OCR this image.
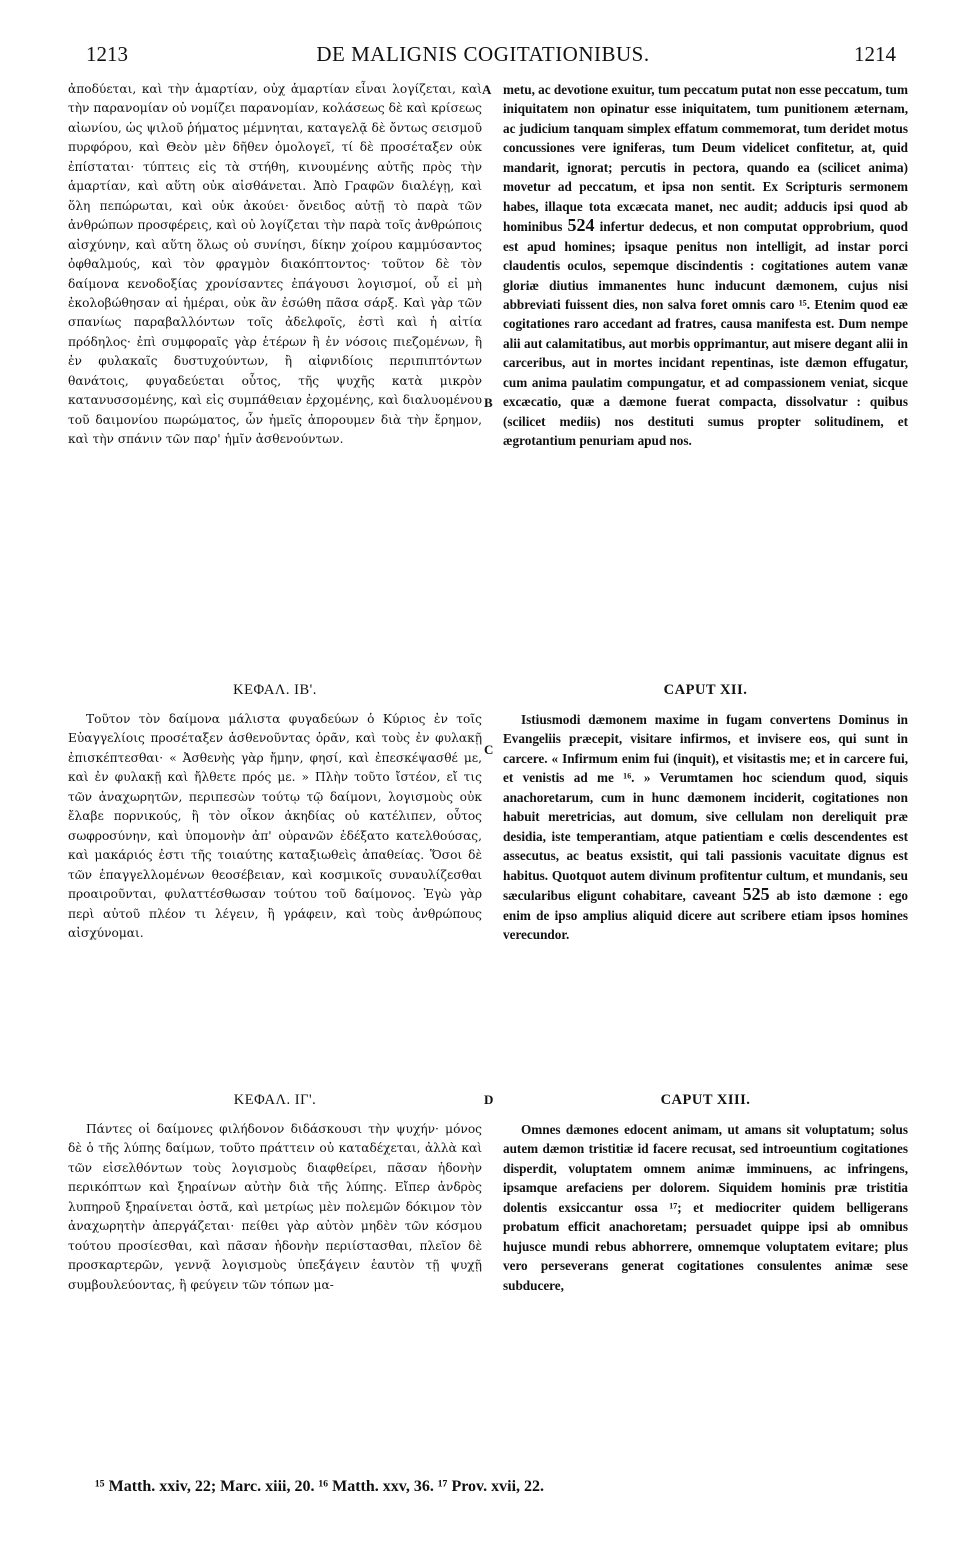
1213	DE MALIGNIS COGITATIONIBUS.	1214
A
B
C
D

ἀποδύεται, καὶ τὴν ἁμαρτίαν, οὐχ ἁμαρτίαν εἶναι λογίζεται, καὶ τὴν παρανομίαν οὐ νομίζει παρανομίαν, κολάσεως δὲ καὶ κρίσεως αἰωνίου, ὡς ψιλοῦ ῥήματος μέμνηται, καταγελᾷ δὲ ὄντως σεισμοῦ πυρφόρου, καὶ Θεὸν μὲν δῆθεν ὁμολογεῖ, τί δὲ προσέταξεν οὐκ ἐπίσταται· τύπτεις εἰς τὰ στήθη, κινουμένης αὐτῆς πρὸς τὴν ἁμαρτίαν, καὶ αὕτη οὐκ αἰσθάνεται. Ἀπὸ Γραφῶν διαλέγῃ, καὶ ὅλη πεπώρωται, καὶ οὐκ ἀκούει· ὄνειδος αὐτῇ τὸ παρὰ τῶν ἀνθρώπων προσφέρεις, καὶ οὐ λογίζεται τὴν παρὰ τοῖς ἀνθρώποις αἰσχύνην, καὶ αὕτη ὅλως οὐ συνίησι, δίκην χοίρου καμμύσαντος ὀφθαλμούς, καὶ τὸν φραγμὸν διακόπτοντος· τοῦτον δὲ τὸν δαίμονα κενοδοξίας χρονίσαντες ἐπάγουσι λογισμοί, οὗ εἰ μὴ ἐκολοβώθησαν αἱ ἡμέραι, οὐκ ἂν ἐσώθη πᾶσα σάρξ. Καὶ γὰρ τῶν σπανίως παραβαλλόντων τοῖς ἀδελφοῖς, ἐστὶ καὶ ἡ αἰτία πρόδηλος· ἐπὶ συμφοραῖς γὰρ ἑτέρων ἢ ἐν νόσοις πιεζομένων, ἢ ἐν φυλακαῖς δυστυχούντων, ἢ αἰφνιδίοις περιπιπτόντων θανάτοις, φυγαδεύεται οὗτος, τῆς ψυχῆς κατὰ μικρὸν κατανυσσομένης, καὶ εἰς συμπάθειαν ἐρχομένης, καὶ διαλυομένου τοῦ δαιμονίου πωρώματος, ὧν ἡμεῖς ἀπορουμεν διὰ τὴν ἔρημον, καὶ τὴν σπάνιν τῶν παρ' ἡμῖν ἀσθενούντων.

metu, ac devotione exuitur, tum peccatum putat non esse peccatum, tum iniquitatem non opinatur esse iniquitatem, tum punitionem æternam, ac judicium tanquam simplex effatum commemorat, tum deridet motus concussiones vere igniferas, tum Deum videlicet confitetur, at, quid mandarit, ignorat; percutis in pectora, quando ea (scilicet anima) movetur ad peccatum, et ipsa non sentit. Ex Scripturis sermonem habes, illaque tota excæcata manet, nec audit; adducis ipsi quod ab hominibus 524 infertur dedecus, et non computat opprobrium, quod est apud homines; ipsaque penitus non intelligit, ad instar porci claudentis oculos, sepemque discindentis : cogitationes autem vanæ gloriæ diutius immanentes hunc inducunt dæmonem, cujus nisi abbreviati fuissent dies, non salva foret omnis caro ¹⁵. Etenim quod eæ cogitationes raro accedant ad fratres, causa manifesta est. Dum nempe alii aut calamitatibus, aut morbis opprimantur, aut misere degant alii in carceribus, aut in mortes incidant repentinas, iste dæmon effugatur, cum anima paulatim compungatur, et ad compassionem veniat, sicque excæcatio, quæ a dæmone fuerat compacta, dissolvatur : quibus (scilicet mediis) nos destituti sumus propter solitudinem, et ægrotantium penuriam apud nos.

ΚΕΦΑΛ. ΙΒ'.	CAPUT XII.

Τοῦτον τὸν δαίμονα μάλιστα φυγαδεύων ὁ Κύριος ἐν τοῖς Εὐαγγελίοις προσέταξεν ἀσθενοῦντας ὁρᾶν, καὶ τοὺς ἐν φυλακῇ ἐπισκέπτεσθαι· « Ἀσθενὴς γὰρ ἤμην, φησί, καὶ ἐπεσκέψασθέ με, καὶ ἐν φυλακῇ καὶ ἤλθετε πρός με. » Πλὴν τοῦτο ἴστέον, εἴ τις τῶν ἀναχωρητῶν, περιπεσὼν τούτῳ τῷ δαίμονι, λογισμοὺς οὐκ ἔλαβε πορνικούς, ἢ τὸν οἶκον ἀκηδίας οὐ κατέλιπεν, οὗτος σωφροσύνην, καὶ ὑπομονὴν ἀπ' οὐρανῶν ἐδέξατο κατελθούσας, καὶ μακάριός ἐστι τῆς τοιαύτης καταξιωθεὶς ἀπαθείας. Ὅσοι δὲ τῶν ἐπαγγελλομένων θεοσέβειαν, καὶ κοσμικοῖς συναυλίζεσθαι προαιροῦνται, φυλαττέσθωσαν τούτου τοῦ δαίμονος. Ἐγὼ γὰρ περὶ αὐτοῦ πλέον τι λέγειν, ἢ γράφειν, καὶ τοὺς ἀνθρώπους αἰσχύνομαι.

Istiusmodi dæmonem maxime in fugam convertens Dominus in Evangeliis præcepit, visitare infirmos, et invisere eos, qui sunt in carcere. « Infirmum enim fui (inquit), et visitastis me; et in carcere fui, et venistis ad me ¹⁶. » Verumtamen hoc sciendum quod, siquis anachoretarum, cum in hunc dæmonem inciderit, cogitationes non habuit meretricias, aut domum, sive cellulam non dereliquit præ desidia, iste temperantiam, atque patientiam e cœlis descendentes est assecutus, ac beatus exsistit, qui tali passionis vacuitate dignus est habitus. Quotquot autem divinum profitentur cultum, et mundanis, seu sæcularibus eligunt cohabitare, caveant 525 ab isto dæmone : ego enim de ipso amplius aliquid dicere aut scribere etiam ipsos homines verecundor.

ΚΕΦΑΛ. ΙΓ'.	CAPUT XIII.

Πάντες οἱ δαίμονες φιλήδονον διδάσκουσι τὴν ψυχήν· μόνος δὲ ὁ τῆς λύπης δαίμων, τοῦτο πράττειν οὐ καταδέχεται, ἀλλὰ καὶ τῶν εἰσελθόντων τοὺς λογισμοὺς διαφθείρει, πᾶσαν ἡδονὴν περικόπτων καὶ ξηραίνων αὐτὴν διὰ τῆς λύπης. Εἴπερ ἀνδρὸς λυπηροῦ ξηραίνεται ὀστᾶ, καὶ μετρίως μὲν πολεμῶν δόκιμον τὸν ἀναχωρητὴν ἀπεργάζεται· πείθει γὰρ αὐτὸν μηδὲν τῶν κόσμου τούτου προσίεσθαι, καὶ πᾶσαν ἡδονὴν περιίστασθαι, πλεῖον δὲ προσκαρτερῶν, γεννᾷ λογισμοὺς ὑπεξάγειν ἑαυτὸν τῇ ψυχῇ συμβουλεύοντας, ἢ φεύγειν τῶν τόπων μα-

Omnes dæmones edocent animam, ut amans sit voluptatum; solus autem dæmon tristitiæ id facere recusat, sed introeuntium cogitationes disperdit, voluptatem omnem animæ imminuens, ac infringens, ipsamque arefaciens per dolorem. Siquidem hominis præ tristitia dolentis exsiccantur ossa ¹⁷; et mediocriter quidem belligerans probatum efficit anachoretam; persuadet quippe ipsi ab omnibus hujusce mundi rebus abhorrere, omnemque voluptatem evitare; plus vero perseverans generat cogitationes consulentes animæ sese subducere,

¹⁵ Matth. xxiv, 22; Marc. xiii, 20. ¹⁶ Matth. xxv, 36. ¹⁷ Prov. xvii, 22.
